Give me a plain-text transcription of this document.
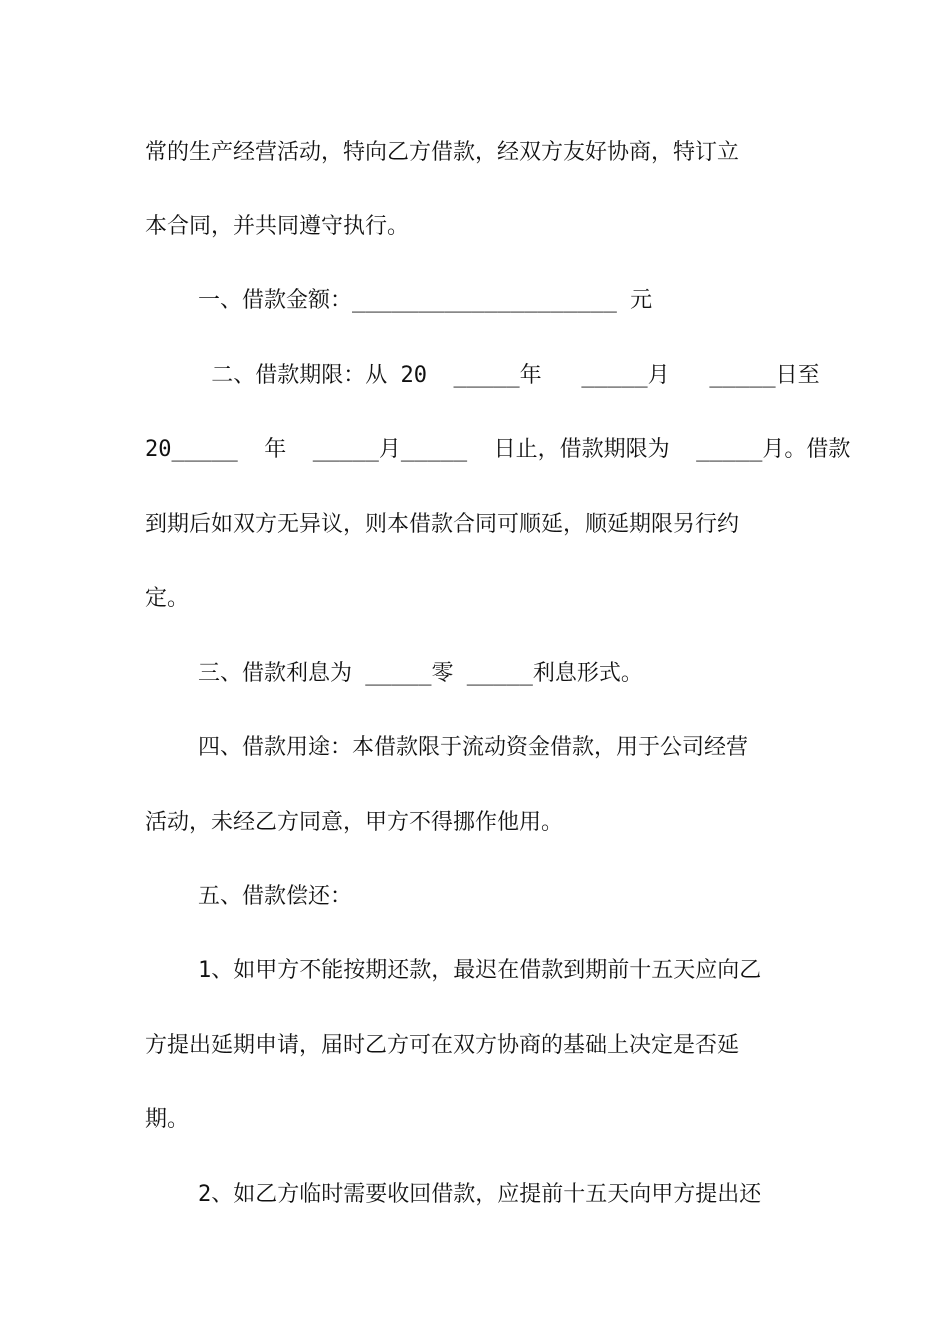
常的生产经营活动，特向乙方借款，经双方友好协商，特订立
本合同，并共同遵守执行。
一、借款金额：____________________ 元
二、借款期限：从 20  _____年   _____月   _____日至
20_____  年  _____月_____  日止，借款期限为  _____月。借款
到期后如双方无异议，则本借款合同可顺延，顺延期限另行约
定。
三、借款利息为 _____零 _____利息形式。
四、借款用途：本借款限于流动资金借款，用于公司经营
活动，未经乙方同意，甲方不得挪作他用。
五、借款偿还：
1、如甲方不能按期还款，最迟在借款到期前十五天应向乙
方提出延期申请，届时乙方可在双方协商的基础上决定是否延
期。
2、如乙方临时需要收回借款，应提前十五天向甲方提出还
